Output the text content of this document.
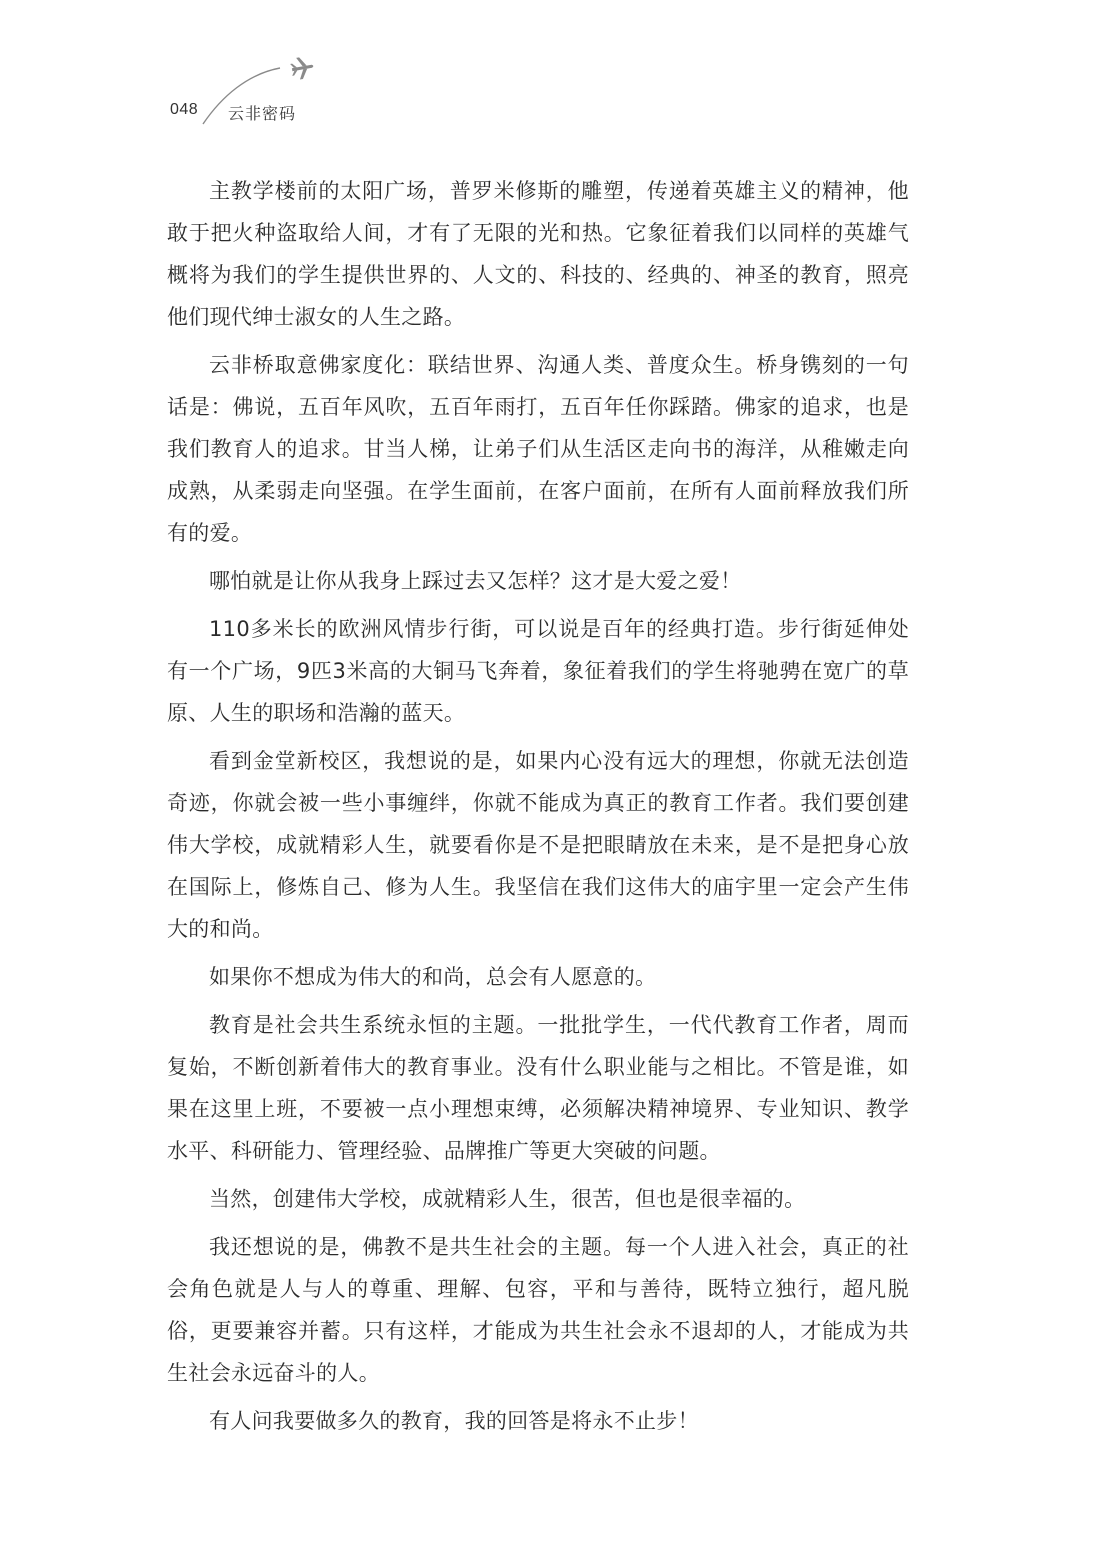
048 云非密码

主教学楼前的太阳广场，普罗米修斯的雕塑，传递着英雄主义的精神，他敢于把火种盗取给人间，才有了无限的光和热。它象征着我们以同样的英雄气概将为我们的学生提供世界的、人文的、科技的、经典的、神圣的教育，照亮他们现代绅士淑女的人生之路。

云非桥取意佛家度化：联结世界、沟通人类、普度众生。桥身镌刻的一句话是：佛说，五百年风吹，五百年雨打，五百年任你踩踏。佛家的追求，也是我们教育人的追求。甘当人梯，让弟子们从生活区走向书的海洋，从稚嫩走向成熟，从柔弱走向坚强。在学生面前，在客户面前，在所有人面前释放我们所有的爱。

哪怕就是让你从我身上踩过去又怎样？这才是大爱之爱！

110多米长的欧洲风情步行街，可以说是百年的经典打造。步行街延伸处有一个广场，9匹3米高的大铜马飞奔着，象征着我们的学生将驰骋在宽广的草原、人生的职场和浩瀚的蓝天。

看到金堂新校区，我想说的是，如果内心没有远大的理想，你就无法创造奇迹，你就会被一些小事缠绊，你就不能成为真正的教育工作者。我们要创建伟大学校，成就精彩人生，就要看你是不是把眼睛放在未来，是不是把身心放在国际上，修炼自己、修为人生。我坚信在我们这伟大的庙宇里一定会产生伟大的和尚。

如果你不想成为伟大的和尚，总会有人愿意的。

教育是社会共生系统永恒的主题。一批批学生，一代代教育工作者，周而复始，不断创新着伟大的教育事业。没有什么职业能与之相比。不管是谁，如果在这里上班，不要被一点小理想束缚，必须解决精神境界、专业知识、教学水平、科研能力、管理经验、品牌推广等更大突破的问题。

当然，创建伟大学校，成就精彩人生，很苦，但也是很幸福的。

我还想说的是，佛教不是共生社会的主题。每一个人进入社会，真正的社会角色就是人与人的尊重、理解、包容，平和与善待，既特立独行，超凡脱俗，更要兼容并蓄。只有这样，才能成为共生社会永不退却的人，才能成为共生社会永远奋斗的人。

有人问我要做多久的教育，我的回答是将永不止步！
